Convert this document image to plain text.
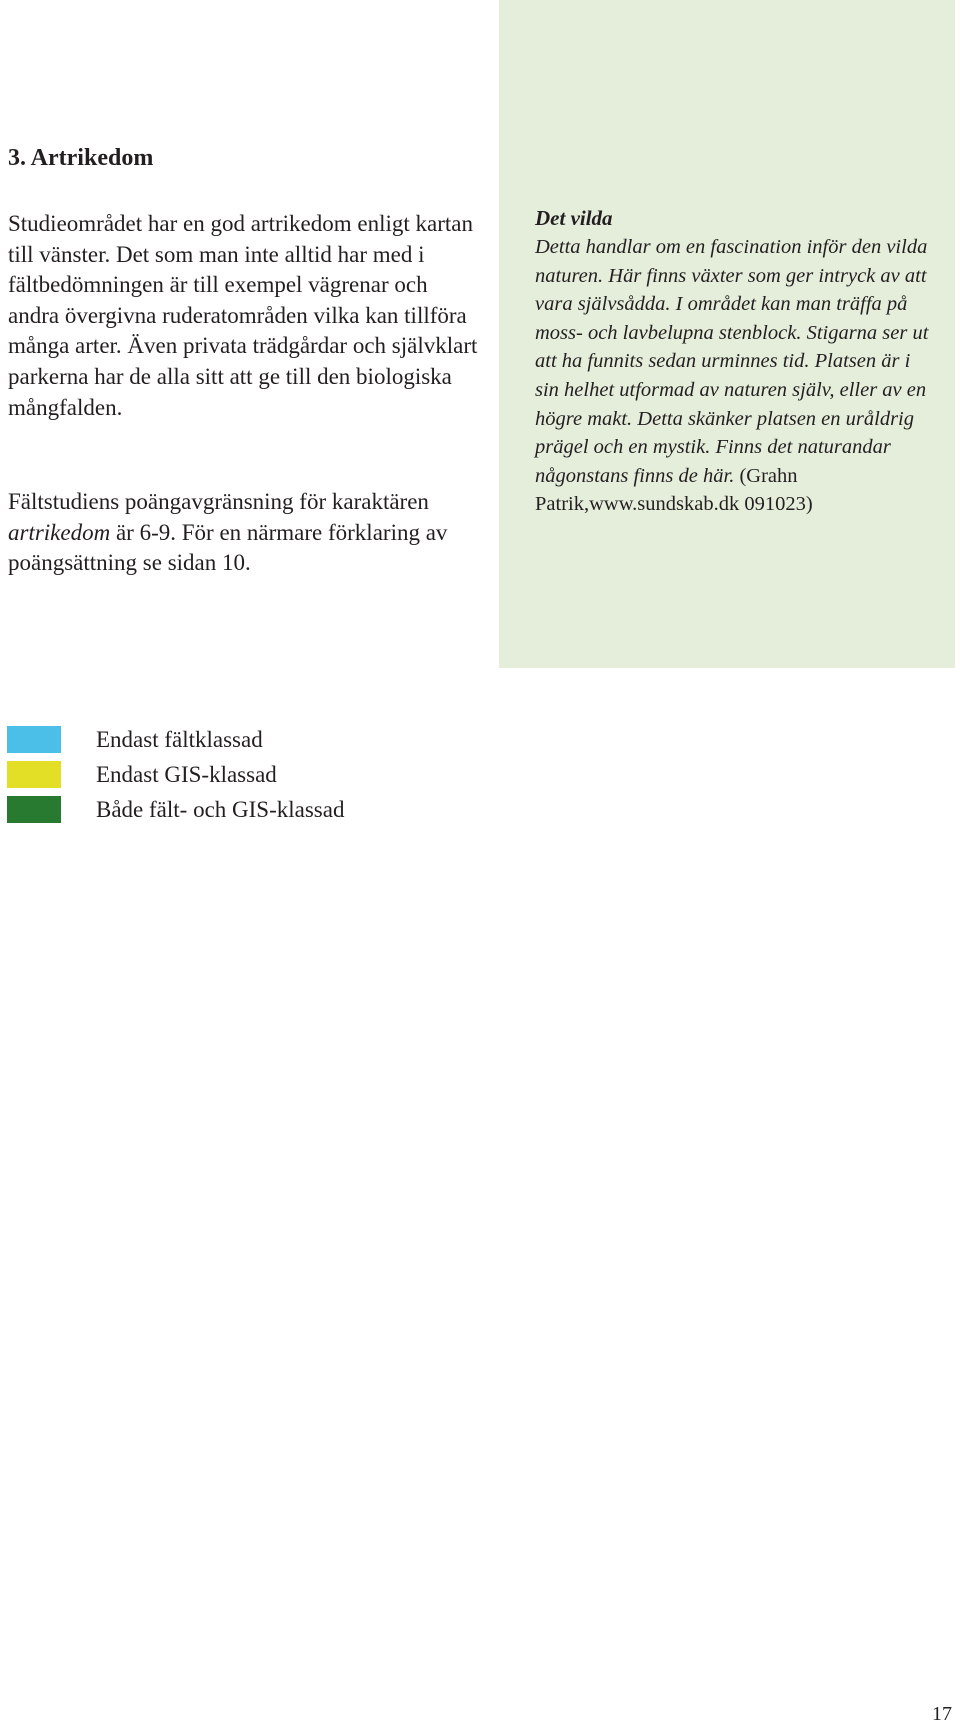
3. Artrikedom

Studieområdet har en god artrikedom enligt kartan till vänster. Det som man inte alltid har med i fältbedömningen är till exempel vägrenar och andra övergivna ruderatområden vilka kan tillföra många arter. Även privata trädgårdar och självklart parkerna har de alla sitt att ge till den biologiska mångfalden.

Fältstudiens poängavgränsning för karaktären artrikedom är 6-9. För en närmare förklaring av poängsättning se sidan 10.

Det vilda

Detta handlar om en fascination inför den vilda naturen. Här finns växter som ger intryck av att vara självsådda. I området kan man träffa på moss- och lavbelupna stenblock. Stigarna ser ut att ha funnits sedan urminnes tid. Platsen är i sin helhet utformad av naturen själv, eller av en högre makt. Detta skänker platsen en uråldrig prägel och en mystik. Finns det naturandar någonstans finns de här. (Grahn Patrik,www.sundskab.dk 091023)

Endast fältklassad
Endast GIS-klassad
Både fält- och GIS-klassad
17
